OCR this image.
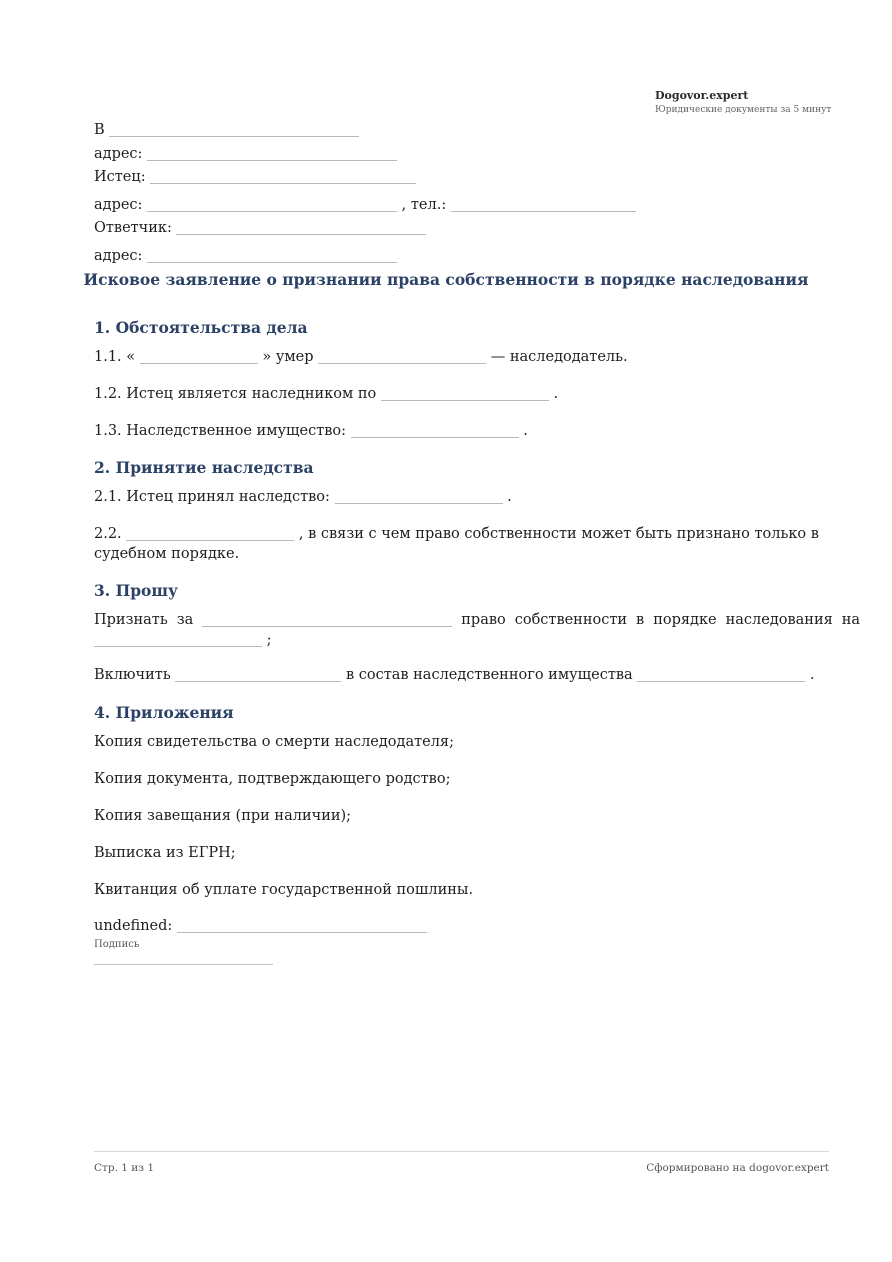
Dogovor.expert
Юридические документы за 5 минут
В
адрес:
Истец:
адрес:	, тел.:
Ответчик:
адрес:
Исковое заявление о признании права собственности в порядке наследования
1. Обстоятельства дела
1.1. «	» умер	— наследодатель.
1.2. Истец является наследником по	.
1.3. Наследственное имущество:	.
2. Принятие наследства
2.1. Истец принял наследство:	.
2.2.	, в связи с чем право собственности может быть признано только в судебном порядке.
3. Прошу
Признать за	право собственности в порядке наследования на
;
Включить	в состав наследственного имущества	.
4. Приложения
Копия свидетельства о смерти наследодателя;
Копия документа, подтверждающего родство;
Копия завещания (при наличии);
Выписка из ЕГРН;
Квитанция об уплате государственной пошлины.
undefined:
Подпись
Стр. 1 из 1	Сформировано на dogovor.expert
